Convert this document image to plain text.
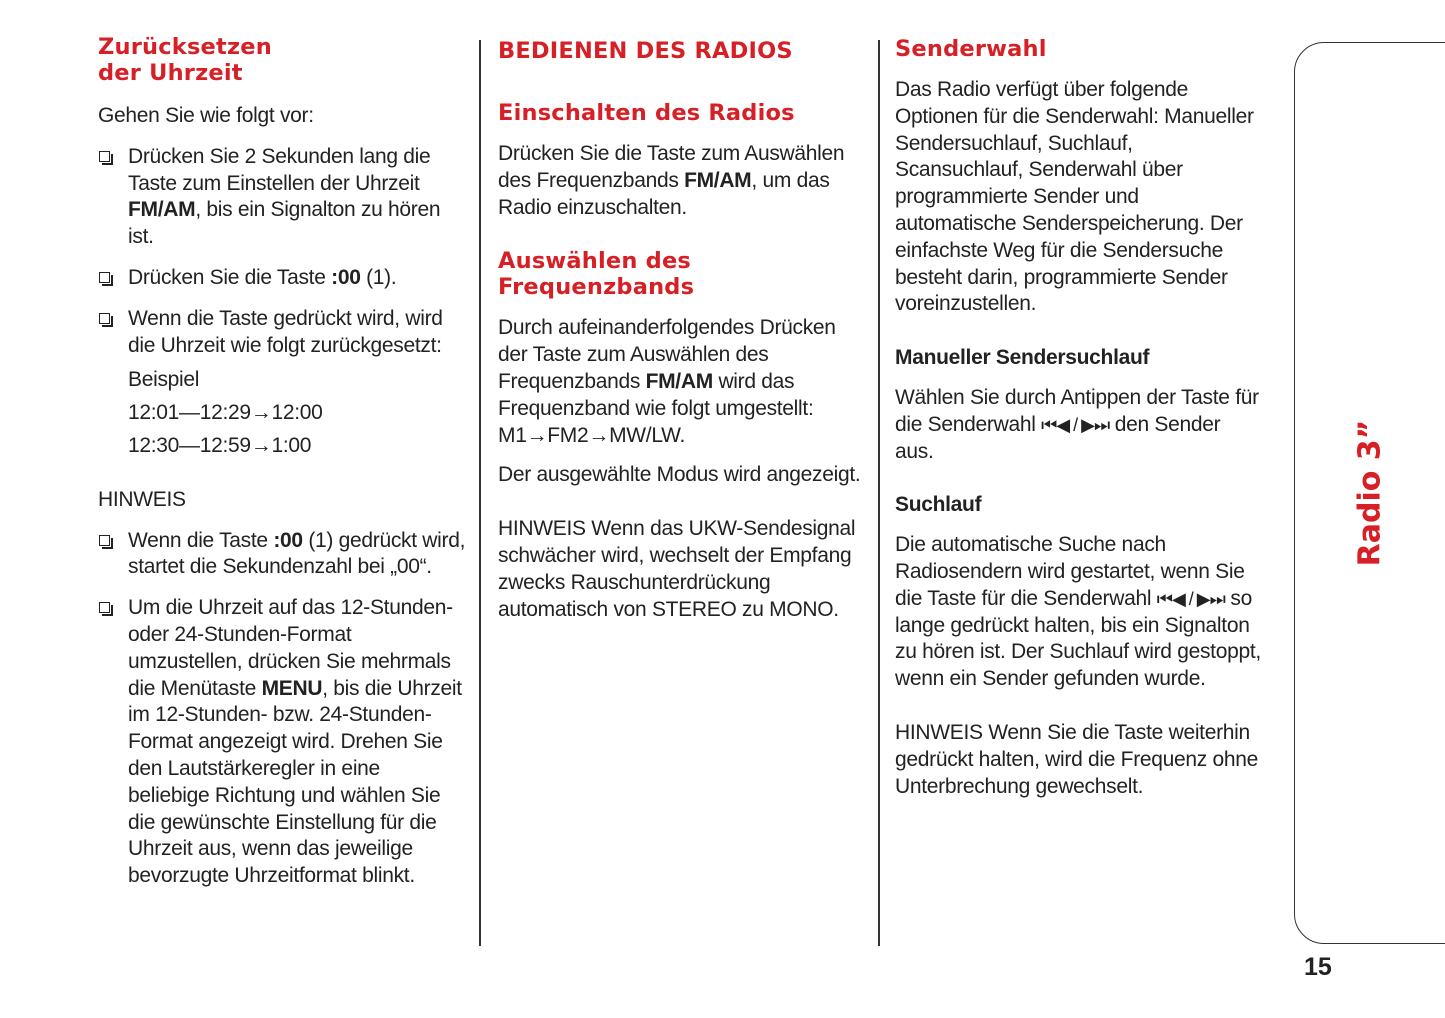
Zurücksetzen
der Uhrzeit

Gehen Sie wie folgt vor:

Drücken Sie 2 Sekunden lang die Taste zum Einstellen der Uhrzeit FM/AM, bis ein Signalton zu hören ist.
Drücken Sie die Taste :00 (1).
Wenn die Taste gedrückt wird, wird die Uhrzeit wie folgt zurückgesetzt:

Beispiel

12:01—12:29→12:00

12:30—12:59→1:00

HINWEIS

Wenn die Taste :00 (1) gedrückt wird, startet die Sekundenzahl bei „00“.
Um die Uhrzeit auf das 12-Stunden- oder 24-Stunden-Format umzustellen, drücken Sie mehrmals die Menütaste MENU, bis die Uhrzeit im 12-Stunden- bzw. 24-Stunden-Format angezeigt wird. Drehen Sie den Lautstärkeregler in eine beliebige Richtung und wählen Sie die gewünschte Einstellung für die Uhrzeit aus, wenn das jeweilige bevorzugte Uhrzeitformat blinkt.
BEDIENEN DES RADIOS
Einschalten des Radios

Drücken Sie die Taste zum Auswählen des Frequenzbands FM/AM, um das Radio einzuschalten.

Auswählen des
Frequenzbands

Durch aufeinanderfolgendes Drücken der Taste zum Auswählen des Frequenzbands FM/AM wird das Frequenzband wie folgt umgestellt: M1→FM2→MW/LW.

Der ausgewählte Modus wird angezeigt.

HINWEIS Wenn das UKW-Sendesignal schwächer wird, wechselt der Empfang zwecks Rauschunterdrückung automatisch von STEREO zu MONO.

Senderwahl

Das Radio verfügt über folgende Optionen für die Senderwahl: Manueller Sendersuchlauf, Suchlauf, Scansuchlauf, Senderwahl über programmierte Sender und automatische Senderspeicherung. Der einfachste Weg für die Sendersuche besteht darin, programmierte Sender voreinzustellen.

Manueller Sendersuchlauf

Wählen Sie durch Antippen der Taste für die Senderwahl ⏮◀ / ▶⏭ den Sender aus.

Suchlauf

Die automatische Suche nach Radiosendern wird gestartet, wenn Sie die Taste für die Senderwahl ⏮◀ / ▶⏭ so lange gedrückt halten, bis ein Signalton zu hören ist. Der Suchlauf wird gestoppt, wenn ein Sender gefunden wurde.

HINWEIS Wenn Sie die Taste weiterhin gedrückt halten, wird die Frequenz ohne Unterbrechung gewechselt.

Radio 3”
15
